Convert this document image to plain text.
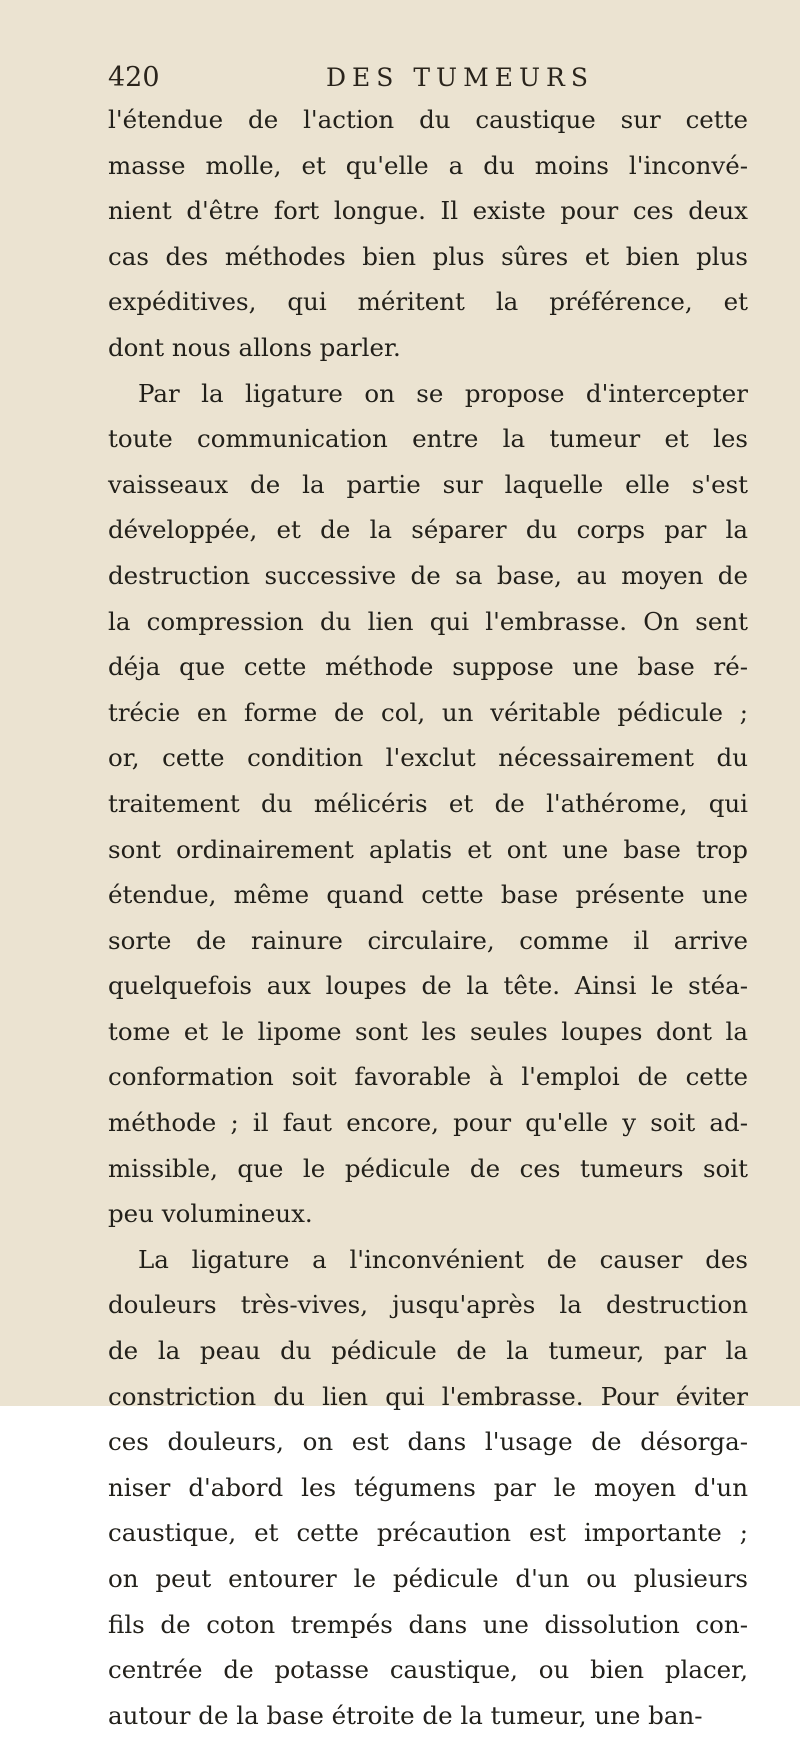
420	DES TUMEURS
l'étendue de l'action du caustique sur cette
masse molle, et qu'elle a du moins l'inconvé-
nient d'être fort longue. Il existe pour ces deux
cas des méthodes bien plus sûres et bien plus
expéditives, qui méritent la préférence, et
dont nous allons parler.
Par la ligature on se propose d'intercepter
toute communication entre la tumeur et les
vaisseaux de la partie sur laquelle elle s'est
développée, et de la séparer du corps par la
destruction successive de sa base, au moyen de
la compression du lien qui l'embrasse. On sent
déja que cette méthode suppose une base ré-
trécie en forme de col, un véritable pédicule ;
or, cette condition l'exclut nécessairement du
traitement du mélicéris et de l'athérome, qui
sont ordinairement aplatis et ont une base trop
étendue, même quand cette base présente une
sorte de rainure circulaire, comme il arrive
quelquefois aux loupes de la tête. Ainsi le stéa-
tome et le lipome sont les seules loupes dont la
conformation soit favorable à l'emploi de cette
méthode ; il faut encore, pour qu'elle y soit ad-
missible, que le pédicule de ces tumeurs soit
peu volumineux.
La ligature a l'inconvénient de causer des
douleurs très-vives, jusqu'après la destruction
de la peau du pédicule de la tumeur, par la
constriction du lien qui l'embrasse. Pour éviter
ces douleurs, on est dans l'usage de désorga-
niser d'abord les tégumens par le moyen d'un
caustique, et cette précaution est importante ;
on peut entourer le pédicule d'un ou plusieurs
fils de coton trempés dans une dissolution con-
centrée de potasse caustique, ou bien placer,
autour de la base étroite de la tumeur, une ban-
